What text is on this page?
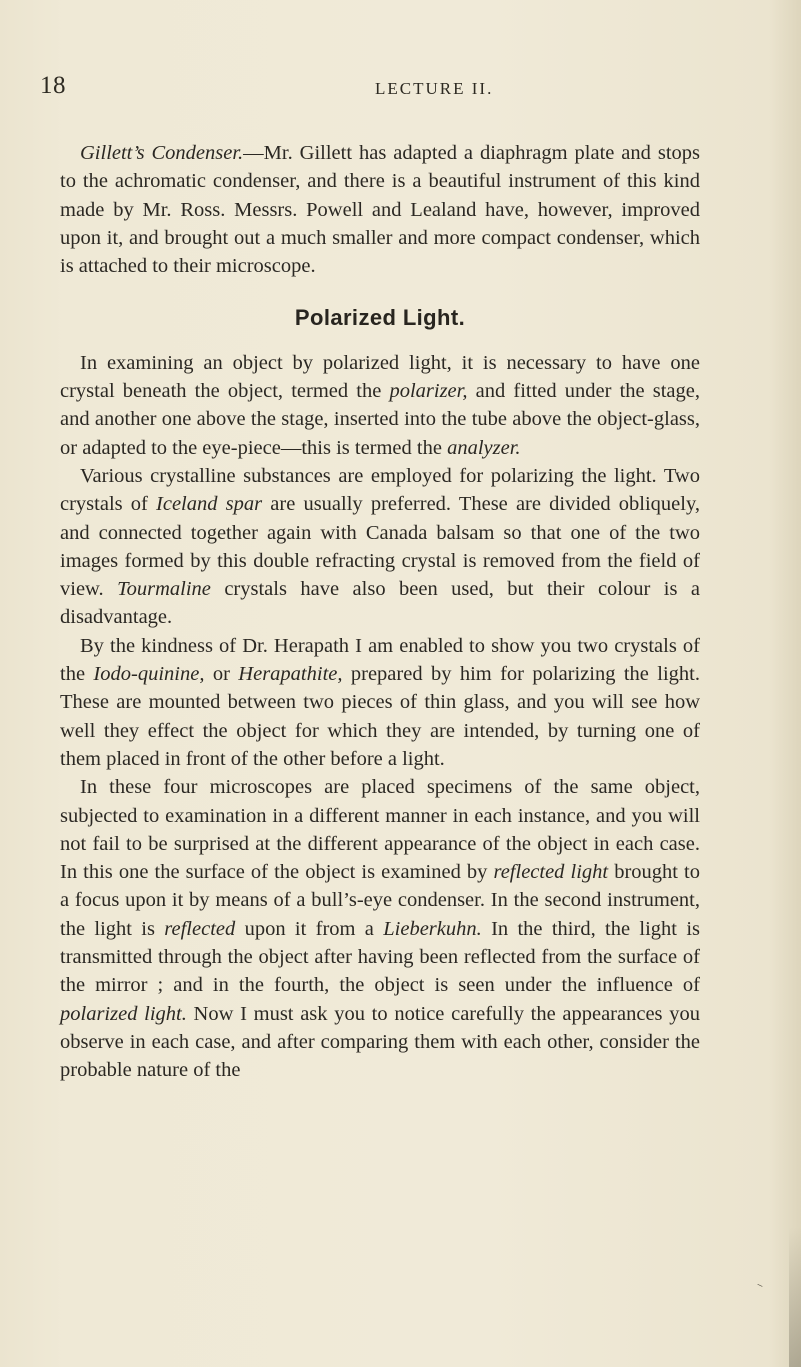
18	LECTURE II.

Gillett’s Condenser.—Mr. Gillett has adapted a diaphragm plate and stops to the achromatic condenser, and there is a beautiful instrument of this kind made by Mr. Ross. Messrs. Powell and Lealand have, however, improved upon it, and brought out a much smaller and more compact condenser, which is attached to their microscope.

Polarized Light.

In examining an object by polarized light, it is necessary to have one crystal beneath the object, termed the polarizer, and fitted under the stage, and another one above the stage, inserted into the tube above the object-glass, or adapted to the eye-piece—this is termed the analyzer.

Various crystalline substances are employed for polarizing the light. Two crystals of Iceland spar are usually preferred. These are divided obliquely, and connected together again with Canada balsam so that one of the two images formed by this double refracting crystal is removed from the field of view. Tourmaline crystals have also been used, but their colour is a disadvantage.

By the kindness of Dr. Herapath I am enabled to show you two crystals of the Iodo-quinine, or Herapathite, prepared by him for polarizing the light. These are mounted between two pieces of thin glass, and you will see how well they effect the object for which they are intended, by turning one of them placed in front of the other before a light.

In these four microscopes are placed specimens of the same object, subjected to examination in a different manner in each instance, and you will not fail to be surprised at the different appearance of the object in each case. In this one the surface of the object is examined by reflected light brought to a focus upon it by means of a bull’s-eye condenser. In the second instrument, the light is reflected upon it from a Lieberkuhn. In the third, the light is transmitted through the object after having been reflected from the surface of the mirror ; and in the fourth, the object is seen under the influence of polarized light. Now I must ask you to notice carefully the appearances you observe in each case, and after comparing them with each other, consider the probable nature of the

⸌
